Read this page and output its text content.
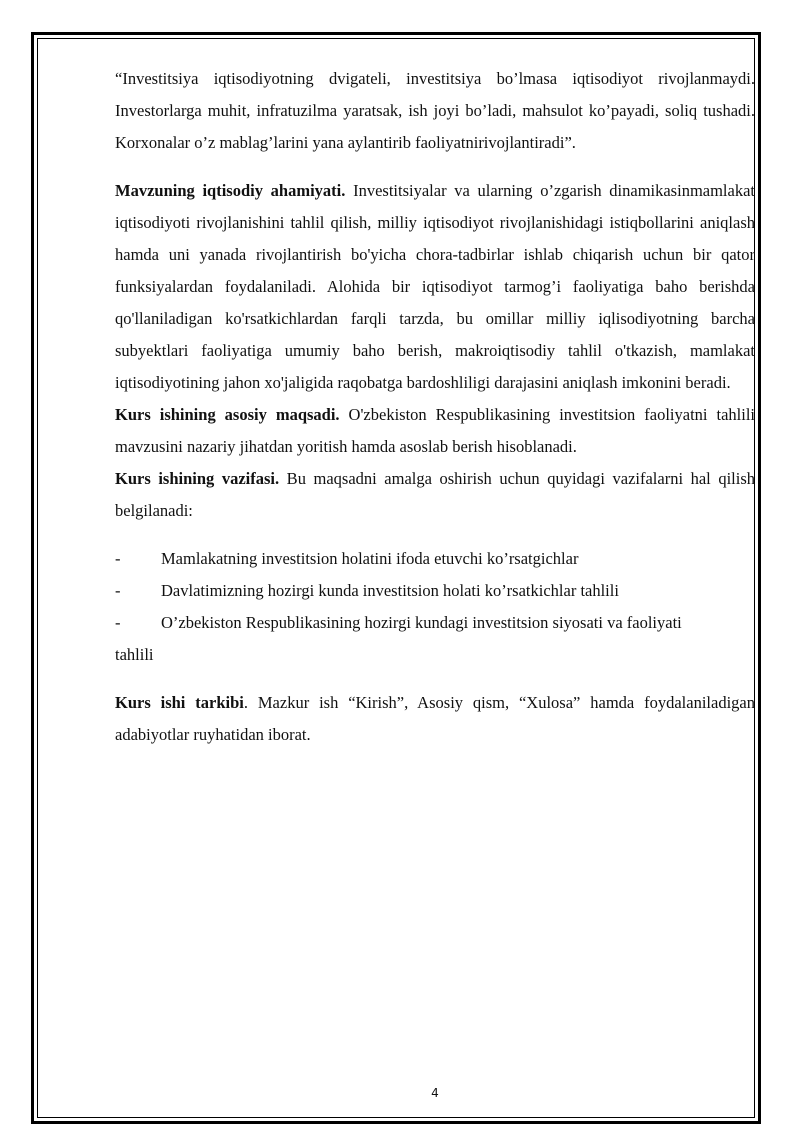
“Investitsiya iqtisodiyotning dvigateli, investitsiya bo’lmasa iqtisodiyot rivojlanmaydi. Investorlarga muhit, infratuzilma yaratsak, ish joyi bo’ladi, mahsulot ko’payadi, soliq tushadi. Korxonalar o’z mablag’larini yana aylantirib faoliyatnirivojlantiradi”.

Mavzuning iqtisodiy ahamiyati. Investitsiyalar va ularning o’zgarish dinamikasinmamlakat iqtisodiyoti rivojlanishini tahlil qilish, milliy iqtisodiyot rivojlanishidagi istiqbollarini aniqlash hamda uni yanada rivojlantirish bo'yicha chora-tadbirlar ishlab chiqarish uchun bir qator funksiyalardan foydalaniladi. Alohida bir iqtisodiyot tarmog’i faoliyatiga baho berishda qo'llaniladigan ko'rsatkichlardan farqli tarzda, bu omillar milliy iqlisodiyotning barcha subyektlari faoliyatiga umumiy baho berish, makroiqtisodiy tahlil o'tkazish, mamlakat iqtisodiyotining jahon xo'jaligida raqobatga bardoshliligi darajasini aniqlash imkonini beradi.

Kurs ishining asosiy maqsadi. O'zbekiston Respublikasining investitsion faoliyatni tahlili mavzusini nazariy jihatdan yoritish hamda asoslab berish hisoblanadi.

Kurs ishining vazifasi. Bu maqsadni amalga oshirish uchun quyidagi vazifalarni hal qilish belgilanadi:

-	Mamlakatning investitsion holatini ifoda etuvchi ko’rsatgichlar
-	Davlatimizning hozirgi kunda investitsion holati ko’rsatkichlar tahlili
-	O’zbekiston Respublikasining hozirgi kundagi investitsion siyosati va faoliyati

tahlili

Kurs ishi tarkibi. Mazkur ish “Kirish”, Asosiy qism, “Xulosa” hamda foydalaniladigan adabiyotlar ruyhatidan iborat.

4
